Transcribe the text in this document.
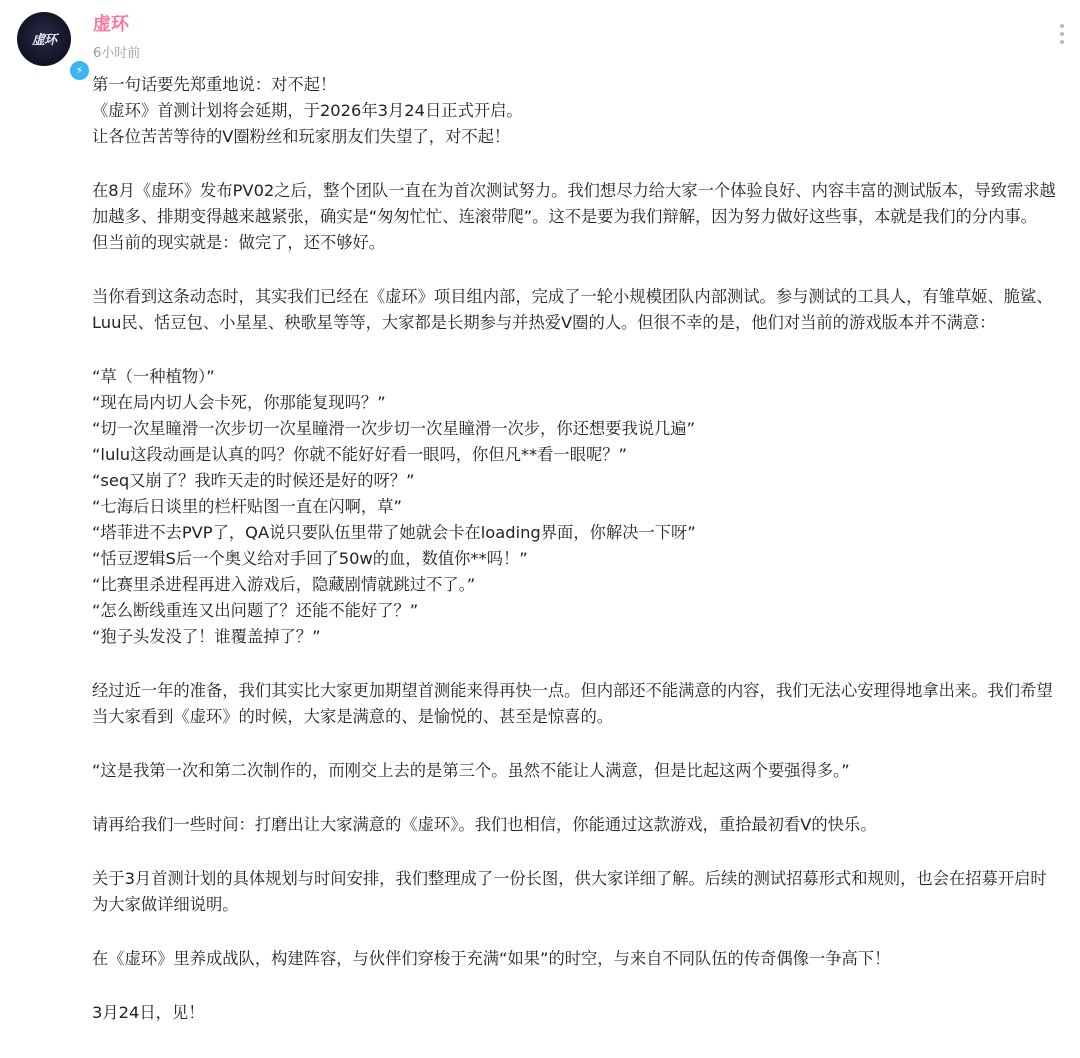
虚环
⚡
虚环
6小时前
第一句话要先郑重地说：对不起！
《虚环》首测计划将会延期，于2026年3月24日正式开启。
让各位苦苦等待的V圈粉丝和玩家朋友们失望了，对不起！
在8月《虚环》发布PV02之后，整个团队一直在为首次测试努力。我们想尽力给大家一个体验良好、内容丰富的测试版本，导致需求越
加越多、排期变得越来越紧张，确实是“匆匆忙忙、连滚带爬”。这不是要为我们辩解，因为努力做好这些事，本就是我们的分内事。
但当前的现实就是：做完了，还不够好。
当你看到这条动态时，其实我们已经在《虚环》项目组内部，完成了一轮小规模团队内部测试。参与测试的工具人，有雏草姬、脆鲨、
Luu民、恬豆包、小星星、秧歌星等等，大家都是长期参与并热爱V圈的人。但很不幸的是，他们对当前的游戏版本并不满意：
“草（一种植物）”
“现在局内切人会卡死，你那能复现吗？”
“切一次星瞳滑一次步切一次星瞳滑一次步切一次星瞳滑一次步，你还想要我说几遍”
“lulu这段动画是认真的吗？你就不能好好看一眼吗，你但凡**看一眼呢？”
“seq又崩了？我昨天走的时候还是好的呀？”
“七海后日谈里的栏杆贴图一直在闪啊，草”
“塔菲进不去PVP了，QA说只要队伍里带了她就会卡在loading界面，你解决一下呀”
“恬豆逻辑S后一个奥义给对手回了50w的血，数值你**吗！”
“比赛里杀进程再进入游戏后，隐藏剧情就跳过不了。”
“怎么断线重连又出问题了？还能不能好了？”
“狍子头发没了！谁覆盖掉了？”
经过近一年的准备，我们其实比大家更加期望首测能来得再快一点。但内部还不能满意的内容，我们无法心安理得地拿出来。我们希望
当大家看到《虚环》的时候，大家是满意的、是愉悦的、甚至是惊喜的。
“这是我第一次和第二次制作的，而刚交上去的是第三个。虽然不能让人满意，但是比起这两个要强得多。”
请再给我们一些时间：打磨出让大家满意的《虚环》。我们也相信，你能通过这款游戏，重拾最初看V的快乐。
关于3月首测计划的具体规划与时间安排，我们整理成了一份长图，供大家详细了解。后续的测试招募形式和规则，也会在招募开启时
为大家做详细说明。
在《虚环》里养成战队，构建阵容，与伙伴们穿梭于充满“如果”的时空，与来自不同队伍的传奇偶像一争高下！
3月24日，见！
